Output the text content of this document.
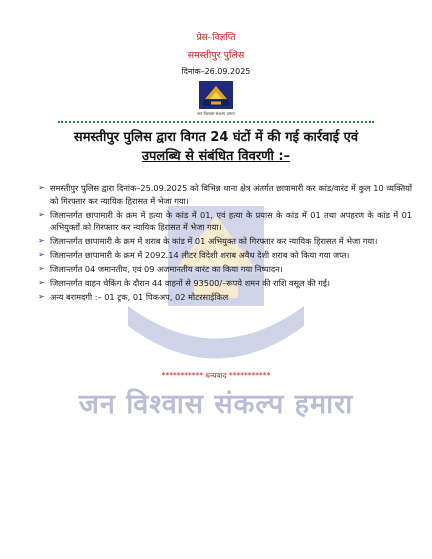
जन विश्वास संकल्प हमारा
प्रेस–विज्ञप्ति
समस्तीपुर पुलिस
दिनांक–26.09.2025
जन विश्वास संकल्प हमारा
समस्तीपुर पुलिस द्वारा विगत 24 घंटों में की गई कार्रवाई एवं
उपलब्धि से संबंधित विवरणी :–
➢ समस्तीपुर पुलिस द्वारा दिनांक–25.09.2025 को विभिन्न थाना क्षेत्र अंतर्गत छापामारी कर कांड/वारंट में कुल 10 व्यक्तियों को गिरफ्तार कर न्यायिक हिरासत में भेजा गया।
➢ जिलान्तर्गत छापामारी के क्रम में हत्या के कांड में 01, एवं हत्या के प्रयास के कांड में 01 तथा अपहरण के कांड में 01 अभियुक्तों को गिरफ्तार कर न्यायिक हिरासत में भेजा गया।
➢ जिलान्तर्गत छापामारी के क्रम में शराब के कांड में 01 अभियुक्त को गिरफ्तार कर न्यायिक हिरासत में भेजा गया।
➢ जिलान्तर्गत छापामारी के क्रम में 2092.14 लीटर विदेशी शराब अवैध देशी शराब को किया गया जप्त।
➢ जिलान्तर्गत 04 जमानतीय, एवं 09 अजमानतीय वारंट का किया गया निष्पादन।
➢ जिलान्तर्गत वाहन चेकिंग के दौरान 44 वाहनों से 93500/–रूपये शमन की राशि वसूल की गई।
➢ अन्य बरामदगी :– 01 ट्रक, 01 पिकअप, 02 मोटरसाईकिल
*********** धन्यवाद ***********
